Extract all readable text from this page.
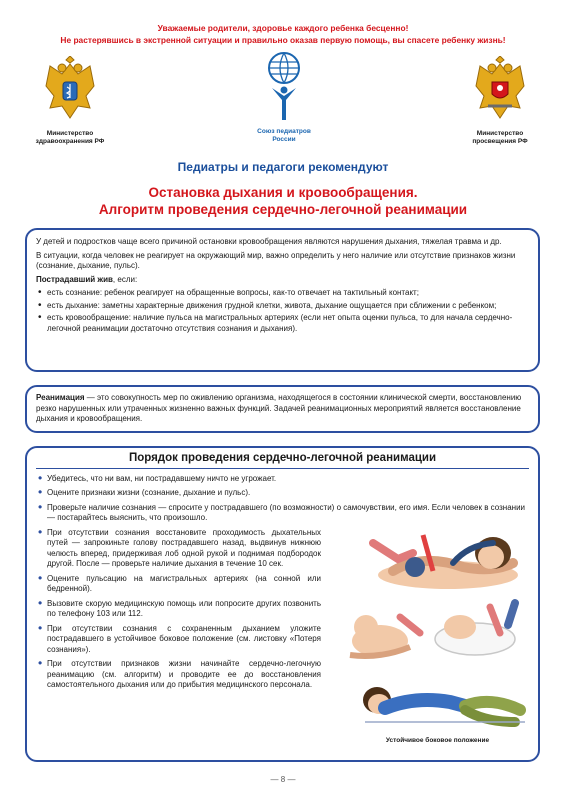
Уважаемые родители, здоровье каждого ребенка бесценно!
Не растерявшись в экстренной ситуации и правильно оказав первую помощь, вы спасете ребенку жизнь!
Министерство здравоохранения РФ
Союз педиатров России
Министерство просвещения РФ
Педиатры и педагоги рекомендуют
Остановка дыхания и кровообращения.
Алгоритм проведения сердечно-легочной реанимации

У детей и подростков чаще всего причиной остановки кровообращения являются нарушения дыхания, тяжелая травма и др.

В ситуации, когда человек не реагирует на окружающий мир, важно определить у него наличие или отсутствие признаков жизни (сознание, дыхание, пульс).

Пострадавший жив, если:

• есть сознание: ребенок реагирует на обращенные вопросы, как-то отвечает на тактильный контакт;
• есть дыхание: заметны характерные движения грудной клетки, живота, дыхание ощущается при сближении с ребенком;
• есть кровообращение: наличие пульса на магистральных артериях (если нет опыта оценки пульса, то для начала сердечно-легочной реанимации достаточно отсутствия сознания и дыхания).

Реанимация — это совокупность мер по оживлению организма, находящегося в состоянии клинической смерти, восстановлению резко нарушенных или утраченных жизненно важных функций. Задачей реанимационных мероприятий является восстановление дыхания и кровообращения.

Порядок проведения сердечно-легочной реанимации
• Убедитесь, что ни вам, ни пострадавшему ничто не угрожает.
• Оцените признаки жизни (сознание, дыхание и пульс).
• Проверьте наличие сознания — спросите у пострадавшего (по возможности) о самочувствии, его имя. Если человек в сознании — постарайтесь выяснить, что произошло.
• При отсутствии сознания восстановите проходимость дыхательных путей — запрокиньте голову пострадавшего назад, выдвинув нижнюю челюсть вперед, придерживая лоб одной рукой и поднимая подбородок другой. После — проверьте наличие дыхания в течение 10 сек.
• Оцените пульсацию на магистральных артериях (на сонной или бедренной).
• Вызовите скорую медицинскую помощь или попросите других позвонить по телефону 103 или 112.
• При отсутствии сознания с сохраненным дыханием уложите пострадавшего в устойчивое боковое положение (см. листовку «Потеря сознания»).
• При отсутствии признаков жизни начинайте сердечно-легочную реанимацию (см. алгоритм) и проводите ее до восстановления самостоятельного дыхания или до прибытия медицинского персонала.
Устойчивое боковое положение
— 8 —
